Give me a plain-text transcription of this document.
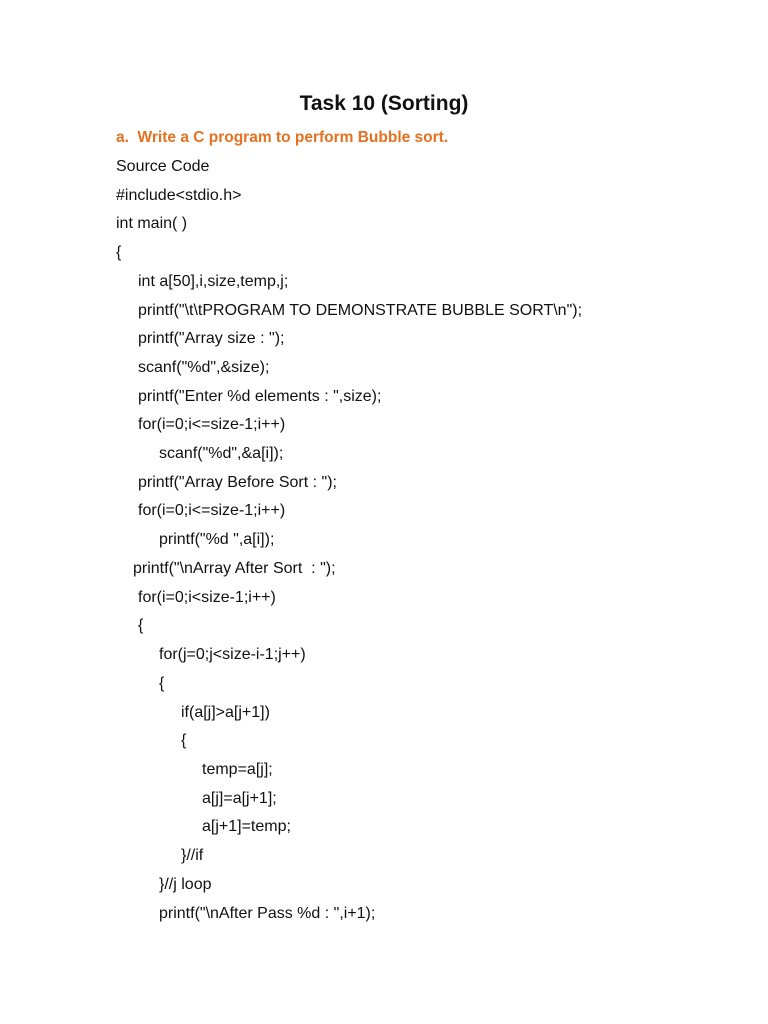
Task 10 (Sorting)
a.  Write a C program to perform Bubble sort.
Source Code
#include<stdio.h>
int main( )
{
int a[50],i,size,temp,j;
printf("\t\tPROGRAM TO DEMONSTRATE BUBBLE SORT\n");
printf("Array size : ");
scanf("%d",&size);
printf("Enter %d elements : ",size);
for(i=0;i<=size-1;i++)
scanf("%d",&a[i]);
printf("Array Before Sort : ");
for(i=0;i<=size-1;i++)
printf("%d ",a[i]);
printf("\nArray After Sort  : ");
for(i=0;i<size-1;i++)
{
for(j=0;j<size-i-1;j++)
{
if(a[j]>a[j+1])
{
temp=a[j];
a[j]=a[j+1];
a[j+1]=temp;
}//if
}//j loop
printf("\nAfter Pass %d : ",i+1);
